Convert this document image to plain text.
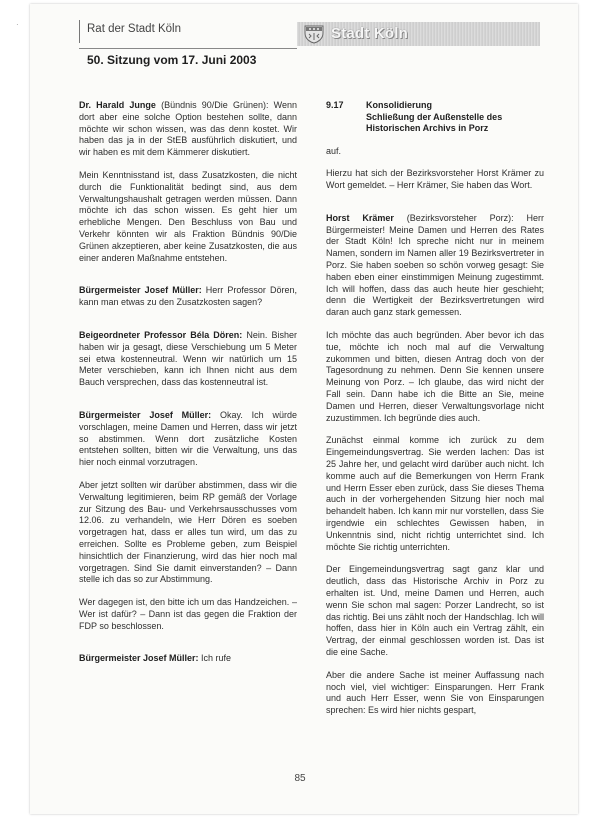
·	Rat der Stadt Köln
50. Sitzung vom 17. Juni 2003
Stadt Köln

Dr. Harald Junge (Bündnis 90/Die Grünen): Wenn dort aber eine solche Option bestehen sollte, dann möchte wir schon wissen, was das denn kostet. Wir haben das ja in der StEB ausführlich diskutiert, und wir haben es mit dem Kämmerer diskutiert.

Mein Kenntnisstand ist, dass Zusatzkosten, die nicht durch die Funktionalität bedingt sind, aus dem Verwaltungshaushalt getragen werden müssen. Dann möchte ich das schon wissen. Es geht hier um erhebliche Mengen. Den Beschluss von Bau und Verkehr könnten wir als Fraktion Bündnis 90/Die Grünen akzeptieren, aber keine Zusatzkosten, die aus einer anderen Maßnahme entstehen.

Bürgermeister Josef Müller: Herr Professor Dören, kann man etwas zu den Zusatzkosten sagen?

Beigeordneter Professor Béla Dören: Nein. Bisher haben wir ja gesagt, diese Verschiebung um 5 Meter sei etwa kostenneutral. Wenn wir natürlich um 15 Meter verschieben, kann ich Ihnen nicht aus dem Bauch versprechen, dass das kostenneutral ist.

Bürgermeister Josef Müller: Okay. Ich würde vorschlagen, meine Damen und Herren, dass wir jetzt so abstimmen. Wenn dort zusätzliche Kosten entstehen sollten, bitten wir die Verwaltung, uns das hier noch einmal vorzutragen.

Aber jetzt sollten wir darüber abstimmen, dass wir die Verwaltung legitimieren, beim RP gemäß der Vorlage zur Sitzung des Bau- und Verkehrsausschusses vom 12.06. zu verhandeln, wie Herr Dören es soeben vorgetragen hat, dass er alles tun wird, um das zu erreichen. Sollte es Probleme geben, zum Beispiel hinsichtlich der Finanzierung, wird das hier noch mal vorgetragen. Sind Sie damit einverstanden? – Dann stelle ich das so zur Abstimmung.

Wer dagegen ist, den bitte ich um das Handzeichen. – Wer ist dafür? – Dann ist das gegen die Fraktion der FDP so beschlossen.

Bürgermeister Josef Müller: Ich rufe

9.17	Konsolidierung
Schließung der Außenstelle des Historischen Archivs in Porz

auf.

Hierzu hat sich der Bezirksvorsteher Horst Krämer zu Wort gemeldet. – Herr Krämer, Sie haben das Wort.

Horst Krämer (Bezirksvorsteher Porz): Herr Bürgermeister! Meine Damen und Herren des Rates der Stadt Köln! Ich spreche nicht nur in meinem Namen, sondern im Namen aller 19 Bezirksvertreter in Porz. Sie haben soeben so schön vorweg gesagt: Sie haben eben einer einstimmigen Meinung zugestimmt. Ich will hoffen, dass das auch heute hier geschieht; denn die Wertigkeit der Bezirksvertretungen wird daran auch ganz stark gemessen.

Ich möchte das auch begründen. Aber bevor ich das tue, möchte ich noch mal auf die Verwaltung zukommen und bitten, diesen Antrag doch von der Tagesordnung zu nehmen. Denn Sie kennen unsere Meinung von Porz. – Ich glaube, das wird nicht der Fall sein. Dann habe ich die Bitte an Sie, meine Damen und Herren, dieser Verwaltungsvorlage nicht zuzustimmen. Ich begründe dies auch.

Zunächst einmal komme ich zurück zu dem Eingemeindungsvertrag. Sie werden lachen: Das ist 25 Jahre her, und gelacht wird darüber auch nicht. Ich komme auch auf die Bemerkungen von Herrn Frank und Herrn Esser eben zurück, dass Sie dieses Thema auch in der vorhergehenden Sitzung hier noch mal behandelt haben. Ich kann mir nur vorstellen, dass Sie irgendwie ein schlechtes Gewissen haben, in Unkenntnis sind, nicht richtig unterrichtet sind. Ich möchte Sie richtig unterrichten.

Der Eingemeindungsvertrag sagt ganz klar und deutlich, dass das Historische Archiv in Porz zu erhalten ist. Und, meine Damen und Herren, auch wenn Sie schon mal sagen: Porzer Landrecht, so ist das richtig. Bei uns zählt noch der Handschlag. Ich will hoffen, dass hier in Köln auch ein Vertrag zählt, ein Vertrag, der einmal geschlossen worden ist. Das ist die eine Sache.

Aber die andere Sache ist meiner Auffassung nach noch viel, viel wichtiger: Einsparungen. Herr Frank und auch Herr Esser, wenn Sie von Einsparungen sprechen: Es wird hier nichts gespart,

85
